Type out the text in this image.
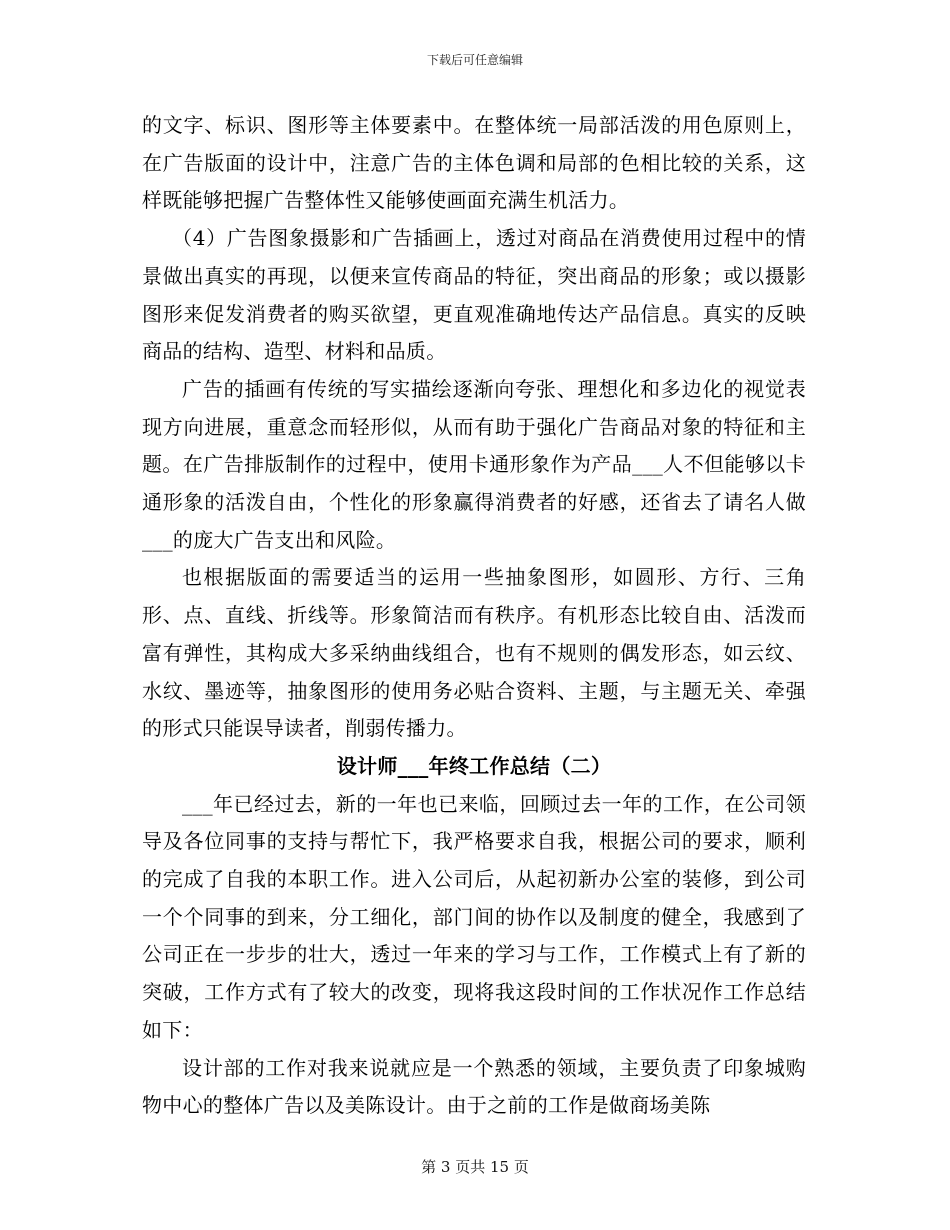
下载后可任意编辑

的文字、标识、图形等主体要素中。在整体统一局部活泼的用色原则上，在广告版面的设计中，注意广告的主体色调和局部的色相比较的关系，这样既能够把握广告整体性又能够使画面充满生机活力。

（4）广告图象摄影和广告插画上，透过对商品在消费使用过程中的情景做出真实的再现，以便来宣传商品的特征，突出商品的形象；或以摄影图形来促发消费者的购买欲望，更直观准确地传达产品信息。真实的反映商品的结构、造型、材料和品质。

广告的插画有传统的写实描绘逐渐向夸张、理想化和多边化的视觉表现方向进展，重意念而轻形似，从而有助于强化广告商品对象的特征和主题。在广告排版制作的过程中，使用卡通形象作为产品___人不但能够以卡通形象的活泼自由，个性化的形象赢得消费者的好感，还省去了请名人做___的庞大广告支出和风险。

也根据版面的需要适当的运用一些抽象图形，如圆形、方行、三角形、点、直线、折线等。形象简洁而有秩序。有机形态比较自由、活泼而富有弹性，其构成大多采纳曲线组合，也有不规则的偶发形态，如云纹、水纹、墨迹等，抽象图形的使用务必贴合资料、主题，与主题无关、牵强的形式只能误导读者，削弱传播力。

设计师___年终工作总结（二）

___年已经过去，新的一年也已来临，回顾过去一年的工作，在公司领导及各位同事的支持与帮忙下，我严格要求自我，根据公司的要求，顺利的完成了自我的本职工作。进入公司后，从起初新办公室的装修，到公司一个个同事的到来，分工细化，部门间的协作以及制度的健全，我感到了公司正在一步步的壮大，透过一年来的学习与工作，工作模式上有了新的突破，工作方式有了较大的改变，现将我这段时间的工作状况作工作总结如下：

设计部的工作对我来说就应是一个熟悉的领域，主要负责了印象城购物中心的整体广告以及美陈设计。由于之前的工作是做商场美陈

第 3 页共 15 页
